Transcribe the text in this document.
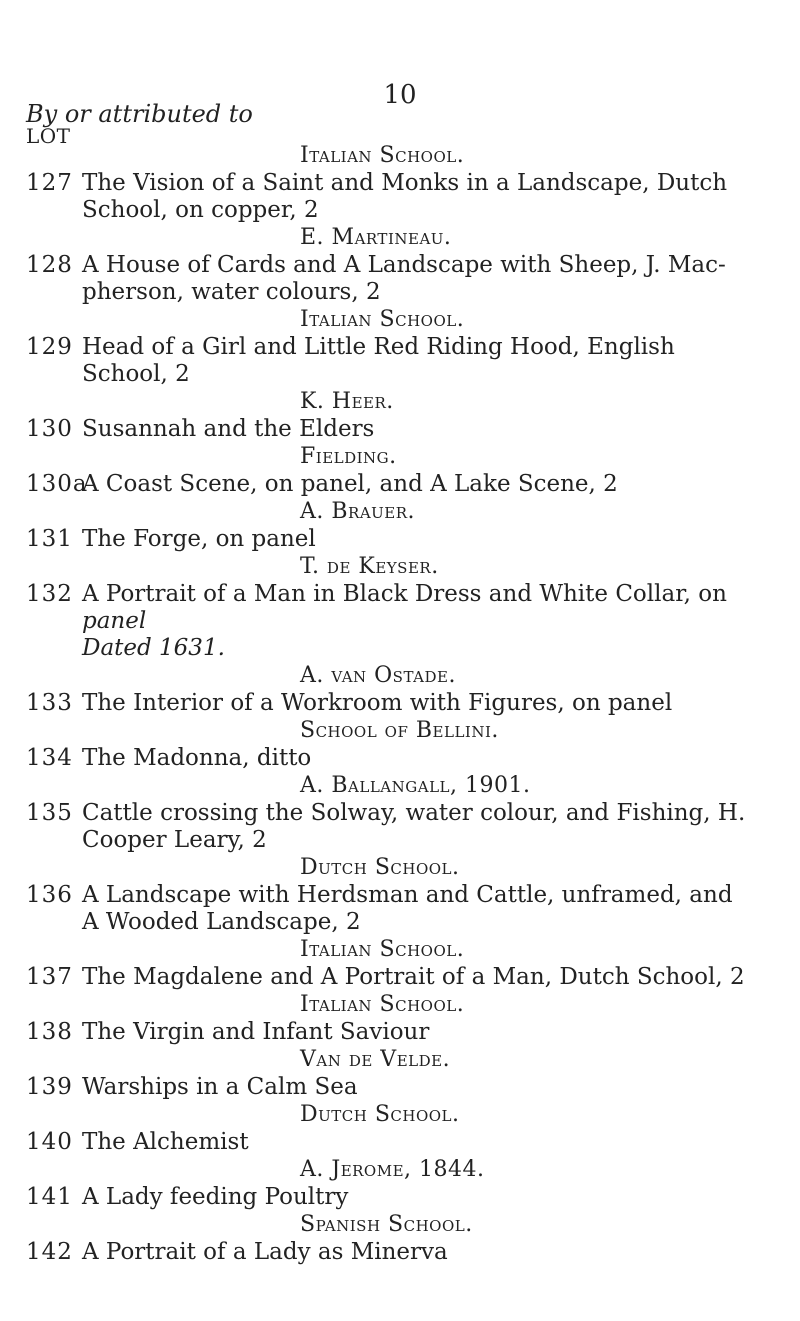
10
By or attributed to
LOT
Italian School.
127 The Vision of a Saint and Monks in a Landscape, Dutch
School, on copper, 2
E. Martineau.
128 A House of Cards and A Landscape with Sheep, J. Mac-
pherson, water colours, 2
Italian School.
129 Head of a Girl and Little Red Riding Hood, English
School, 2
K. Heer.
130 Susannah and the Elders
Fielding.
130a
A Coast Scene, on panel, and A Lake Scene, 2
A. Brauer.
131 The Forge, on panel
T. de Keyser.
132 A Portrait of a Man in Black Dress and White Collar, on
panel
Dated 1631.
A. van Ostade.
133 The Interior of a Workroom with Figures, on panel
School of Bellini.
134 The Madonna, ditto
A. Ballangall, 1901.
135 Cattle crossing the Solway, water colour, and Fishing, H.
Cooper Leary, 2
Dutch School.
136 A Landscape with Herdsman and Cattle, unframed, and
A Wooded Landscape, 2
Italian School.
137 The Magdalene and A Portrait of a Man, Dutch School, 2
Italian School.
138 The Virgin and Infant Saviour
Van de Velde.
139 Warships in a Calm Sea
Dutch School.
140 The Alchemist
A. Jerome, 1844.
141 A Lady feeding Poultry
Spanish School.
142 A Portrait of a Lady as Minerva
